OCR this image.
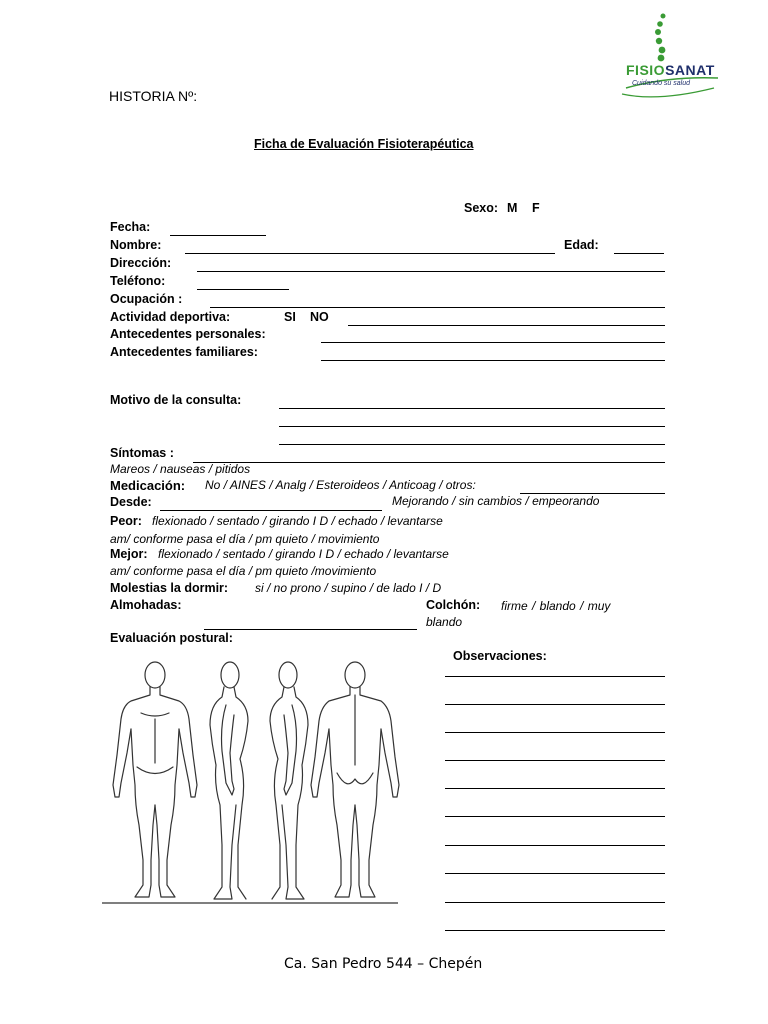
FISIOSANAT
Cuidando su salud
HISTORIA Nº:
Ficha de Evaluación Fisioterapéutica
Sexo: M F
Fecha:
Nombre:	Edad:
Dirección:
Teléfono:
Ocupación :
Actividad deportiva:	SI NO
Antecedentes personales:
Antecedentes familiares:
Motivo de la consulta:
Síntomas :
Mareos / nauseas / pitidos
Medicación: No / AINES / Analg / Esteroideos / Anticoag / otros:
Desde:	Mejorando / sin cambios / empeorando
Peor: flexionado / sentado / girando I D / echado / levantarse
am/ conforme pasa el día / pm quieto / movimiento
Mejor: flexionado / sentado / girando I D / echado / levantarse
am/ conforme pasa el día / pm quieto /movimiento
Molestias la dormir: si / no prono / supino / de lado I / D
Almohadas:	Colchón: firme / blando / muy
blando
Evaluación postural:
Observaciones:
Ca. San Pedro 544 – Chepén
